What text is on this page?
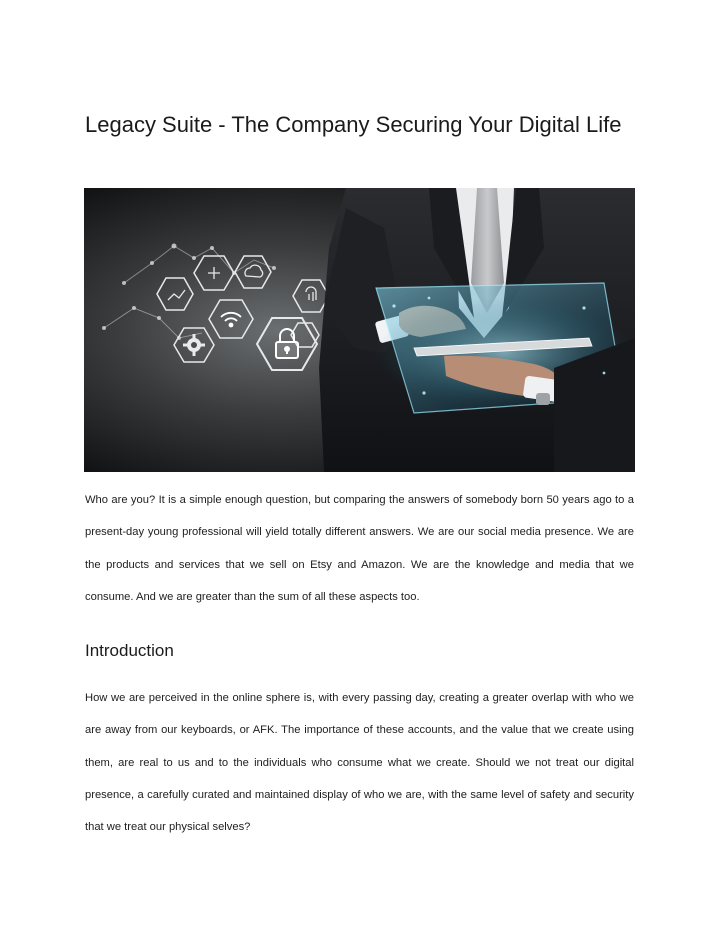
Legacy Suite - The Company Securing Your Digital Life

Who are you? It is a simple enough question, but comparing the answers of somebody born 50 years ago to a present-day young professional will yield totally different answers. We are our social media presence. We are the products and services that we sell on Etsy and Amazon. We are the knowledge and media that we consume. And we are greater than the sum of all these aspects too.

Introduction

How we are perceived in the online sphere is, with every passing day, creating a greater overlap with who we are away from our keyboards, or AFK. The importance of these accounts, and the value that we create using them, are real to us and to the individuals who consume what we create. Should we not treat our digital presence, a carefully curated and maintained display of who we are, with the same level of safety and security that we treat our physical selves?
